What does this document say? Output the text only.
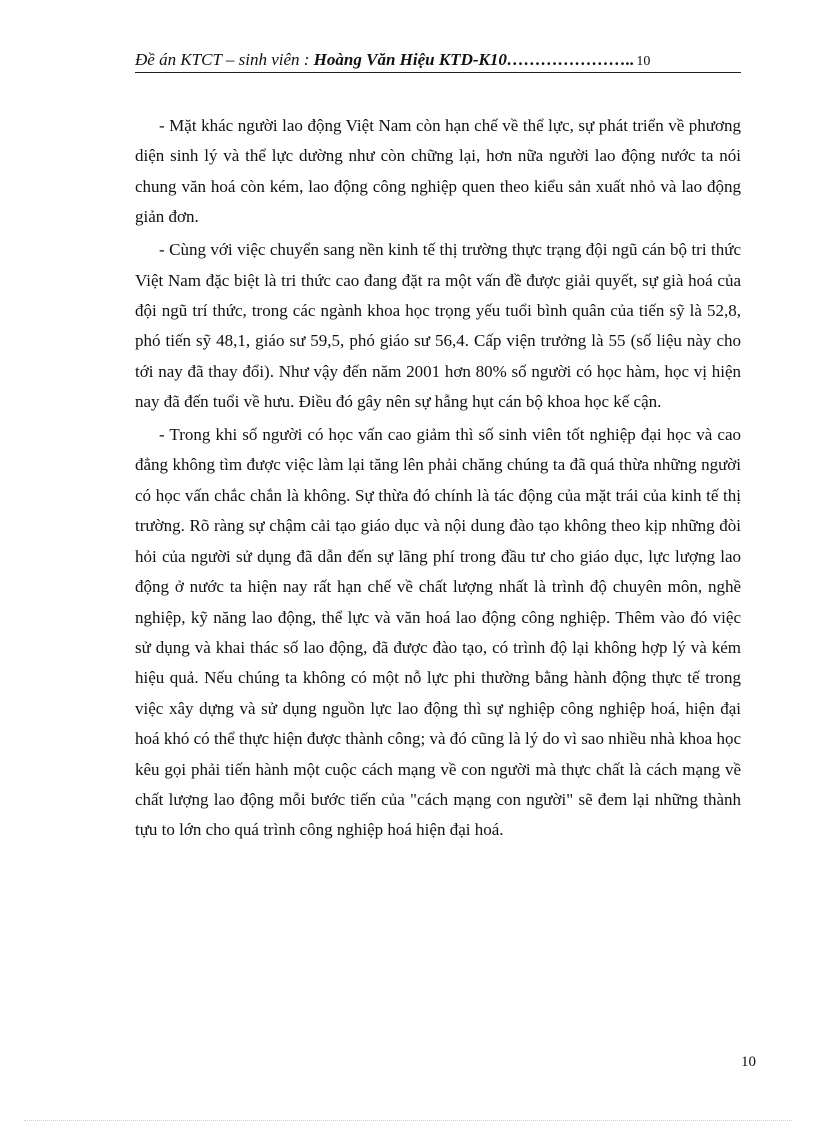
Đề án KTCT – sinh viên : Hoàng Văn Hiệu KTD-K10………………….. 10

- Mặt khác người lao động Việt Nam còn hạn chế về thể lực, sự phát triển về phương diện sinh lý và thể lực dường như còn chững lại, hơn nữa người lao động nước ta nói chung văn hoá còn kém, lao động công nghiệp quen theo kiểu sản xuất nhỏ và lao động giản đơn.

- Cùng với việc chuyển sang nền kinh tế thị trường thực trạng đội ngũ cán bộ tri thức Việt Nam đặc biệt là tri thức cao đang đặt ra một vấn đề được giải quyết, sự già hoá của đội ngũ trí thức, trong các ngành khoa học trọng yếu tuổi bình quân của tiến sỹ là 52,8, phó tiến sỹ 48,1, giáo sư 59,5, phó giáo sư 56,4. Cấp viện trưởng là 55 (số liệu này cho tới nay đã thay đổi). Như vậy đến năm 2001 hơn 80% số người có học hàm, học vị hiện nay đã đến tuổi về hưu. Điều đó gây nên sự hẫng hụt cán bộ khoa học kế cận.

- Trong khi số người có học vấn cao giảm thì số sinh viên tốt nghiệp đại học và cao đẳng không tìm được việc làm lại tăng lên phải chăng chúng ta đã quá thừa những người có học vấn chắc chắn là không. Sự thừa đó chính là tác động của mặt trái của kinh tế thị trường. Rõ ràng sự chậm cải tạo giáo dục và nội dung đào tạo không theo kịp những đòi hỏi của người sử dụng đã dẫn đến sự lãng phí trong đầu tư cho giáo dục, lực lượng lao động ở nước ta hiện nay rất hạn chế về chất lượng nhất là trình độ chuyên môn, nghề nghiệp, kỹ năng lao động, thể lực và văn hoá lao động công nghiệp. Thêm vào đó việc sử dụng và khai thác số lao động, đã được đào tạo, có trình độ lại không hợp lý và kém hiệu quả. Nếu chúng ta không có một nỗ lực phi thường bằng hành động thực tế trong việc xây dựng và sử dụng nguồn lực lao động thì sự nghiệp công nghiệp hoá, hiện đại hoá khó có thể thực hiện được thành công; và đó cũng là lý do vì sao nhiều nhà khoa học kêu gọi phải tiến hành một cuộc cách mạng về con người mà thực chất là cách mạng về chất lượng lao động mỗi bước tiến của "cách mạng con người" sẽ đem lại những thành tựu to lớn cho quá trình công nghiệp hoá hiện đại hoá.

10
